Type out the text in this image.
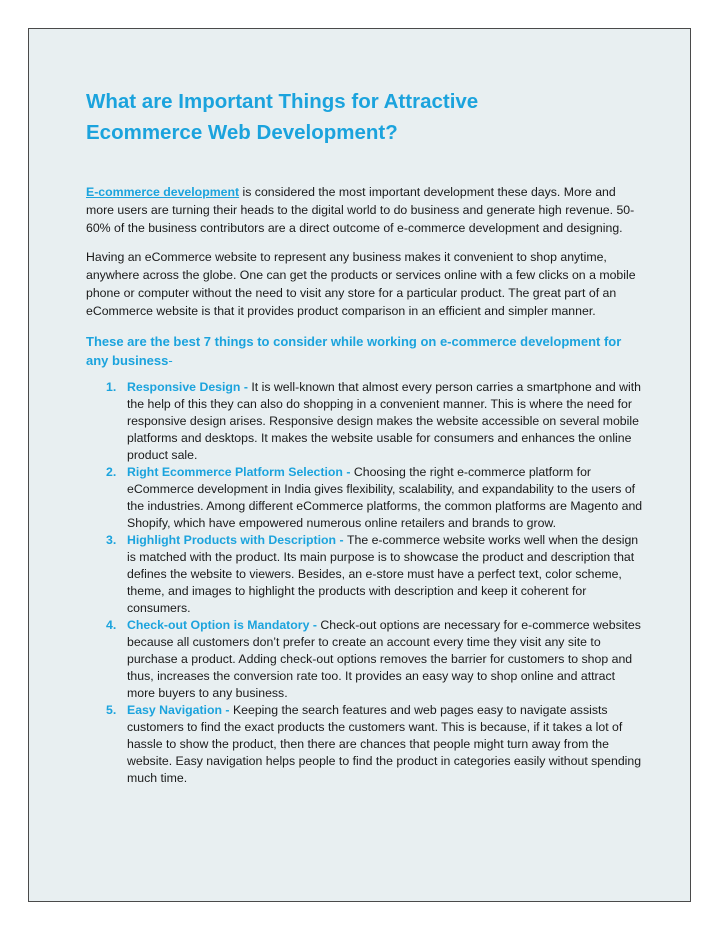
What are Important Things for Attractive
Ecommerce Web Development?

E-commerce development is considered the most important development these days. More and more users are turning their heads to the digital world to do business and generate high revenue. 50-60% of the business contributors are a direct outcome of e-commerce development and designing.

Having an eCommerce website to represent any business makes it convenient to shop anytime, anywhere across the globe. One can get the products or services online with a few clicks on a mobile phone or computer without the need to visit any store for a particular product. The great part of an eCommerce website is that it provides product comparison in an efficient and simpler manner.

These are the best 7 things to consider while working on e-commerce development for any business-
1. Responsive Design - It is well-known that almost every person carries a smartphone and with the help of this they can also do shopping in a convenient manner. This is where the need for responsive design arises. Responsive design makes the website accessible on several mobile platforms and desktops. It makes the website usable for consumers and enhances the online product sale.
2. Right Ecommerce Platform Selection - Choosing the right e-commerce platform for eCommerce development in India gives flexibility, scalability, and expandability to the users of the industries. Among different eCommerce platforms, the common platforms are Magento and Shopify, which have empowered numerous online retailers and brands to grow.
3. Highlight Products with Description - The e-commerce website works well when the design is matched with the product. Its main purpose is to showcase the product and description that defines the website to viewers. Besides, an e-store must have a perfect text, color scheme, theme, and images to highlight the products with description and keep it coherent for consumers.
4. Check-out Option is Mandatory - Check-out options are necessary for e-commerce websites because all customers don’t prefer to create an account every time they visit any site to purchase a product. Adding check-out options removes the barrier for customers to shop and thus, increases the conversion rate too. It provides an easy way to shop online and attract more buyers to any business.
5. Easy Navigation - Keeping the search features and web pages easy to navigate assists customers to find the exact products the customers want. This is because, if it takes a lot of hassle to show the product, then there are chances that people might turn away from the website. Easy navigation helps people to find the product in categories easily without spending much time.
